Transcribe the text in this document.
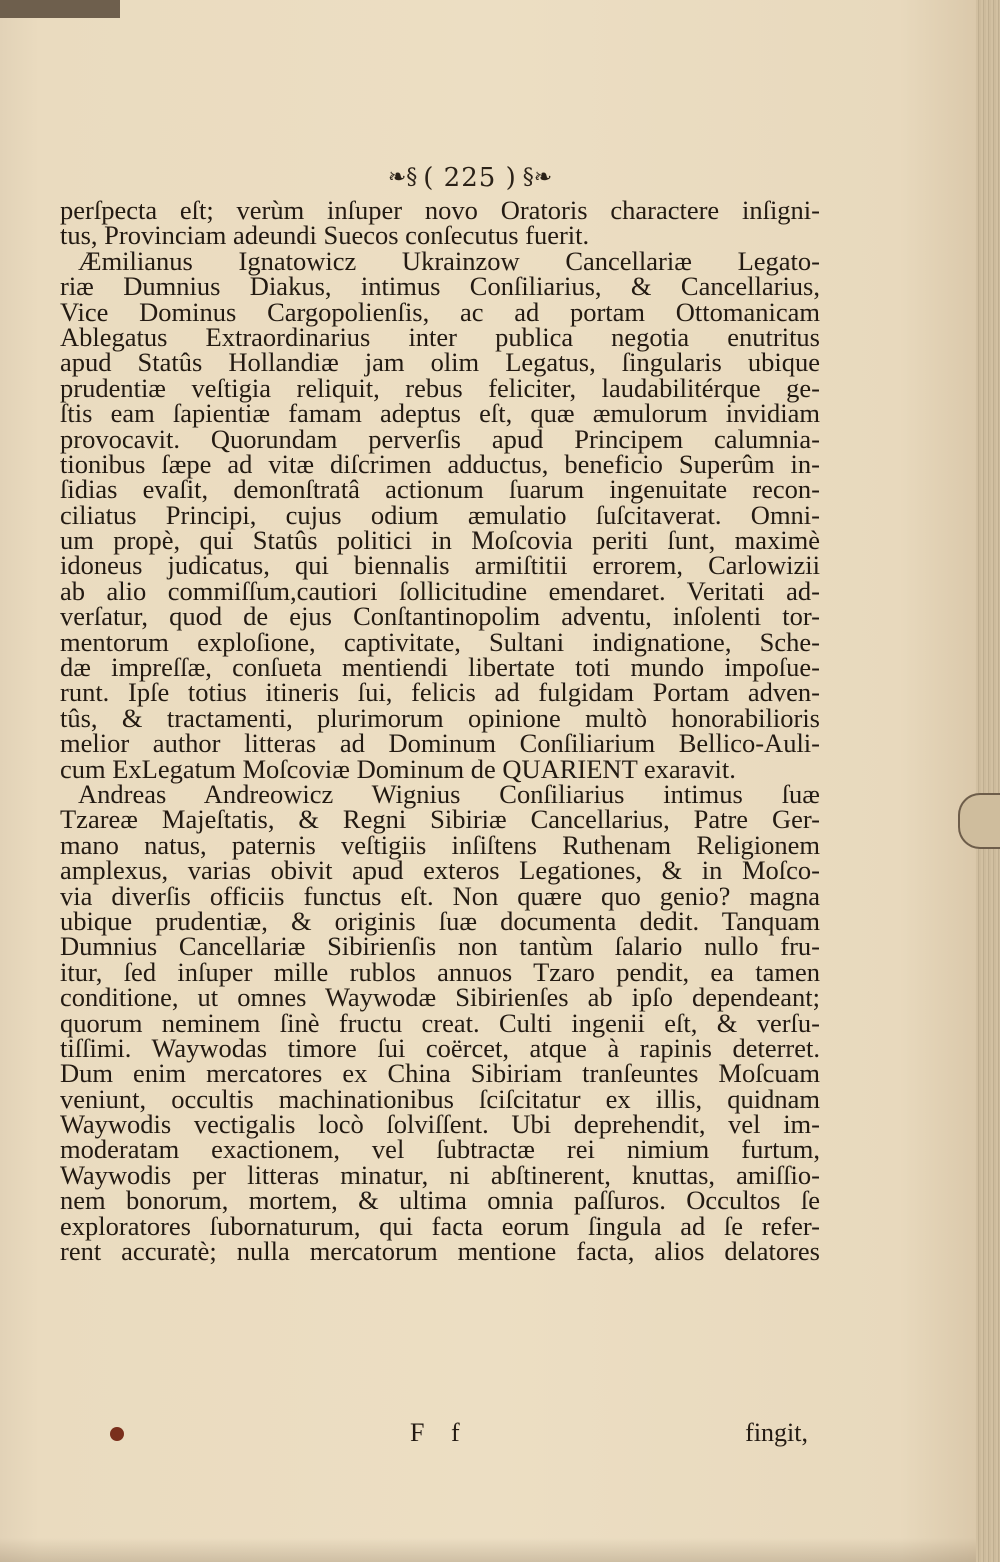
❧§ ( 225 ) §❧
perſpecta eſt; verùm inſuper novo Oratoris charactere inſigni-
tus, Provinciam adeundi Suecos conſecutus fuerit.
Æmilianus Ignatowicz Ukrainzow Cancellariæ Legato-
riæ Dumnius Diakus, intimus Conſiliarius, & Cancellarius,
Vice Dominus Cargopolienſis, ac ad portam Ottomanicam
Ablegatus Extraordinarius inter publica negotia enutritus
apud Statûs Hollandiæ jam olim Legatus, ſingularis ubique
prudentiæ veſtigia reliquit, rebus feliciter, laudabilitérque ge-
ſtis eam ſapientiæ famam adeptus eſt, quæ æmulorum invidiam
provocavit. Quorundam perverſis apud Principem calumnia-
tionibus ſæpe ad vitæ diſcrimen adductus, beneficio Superûm in-
ſidias evaſit, demonſtratâ actionum ſuarum ingenuitate recon-
ciliatus Principi, cujus odium æmulatio ſuſcitaverat. Omni-
um propè, qui Statûs politici in Moſcovia periti ſunt, maximè
idoneus judicatus, qui biennalis armiſtitii errorem, Carlowizii
ab alio commiſſum,cautiori ſollicitudine emendaret. Veritati ad-
verſatur, quod de ejus Conſtantinopolim adventu, inſolenti tor-
mentorum exploſione, captivitate, Sultani indignatione, Sche-
dæ impreſſæ, conſueta mentiendi libertate toti mundo impoſue-
runt. Ipſe totius itineris ſui, felicis ad fulgidam Portam adven-
tûs, & tractamenti, plurimorum opinione multò honorabilioris
melior author litteras ad Dominum Conſiliarium Bellico-Auli-
cum ExLegatum Moſcoviæ Dominum de QUARIENT exaravit.
Andreas Andreowicz Wignius Conſiliarius intimus ſuæ
Tzareæ Majeſtatis, & Regni Sibiriæ Cancellarius, Patre Ger-
mano natus, paternis veſtigiis inſiſtens Ruthenam Religionem
amplexus, varias obivit apud exteros Legationes, & in Moſco-
via diverſis officiis functus eſt. Non quære quo genio? magna
ubique prudentiæ, & originis ſuæ documenta dedit. Tanquam
Dumnius Cancellariæ Sibirienſis non tantùm ſalario nullo fru-
itur, ſed inſuper mille rublos annuos Tzaro pendit, ea tamen
conditione, ut omnes Waywodæ Sibirienſes ab ipſo dependeant;
quorum neminem ſinè fructu creat. Culti ingenii eſt, & verſu-
tiſſimi. Waywodas timore ſui coërcet, atque à rapinis deterret.
Dum enim mercatores ex China Sibiriam tranſeuntes Moſcuam
veniunt, occultis machinationibus ſciſcitatur ex illis, quidnam
Waywodis vectigalis locò ſolviſſent. Ubi deprehendit, vel im-
moderatam exactionem, vel ſubtractæ rei nimium furtum,
Waywodis per litteras minatur, ni abſtinerent, knuttas, amiſſio-
nem bonorum, mortem, & ultima omnia paſſuros. Occultos ſe
exploratores ſubornaturum, qui facta eorum ſingula ad ſe refer-
rent accuratè; nulla mercatorum mentione facta, alios delatores
F f	fingit,
